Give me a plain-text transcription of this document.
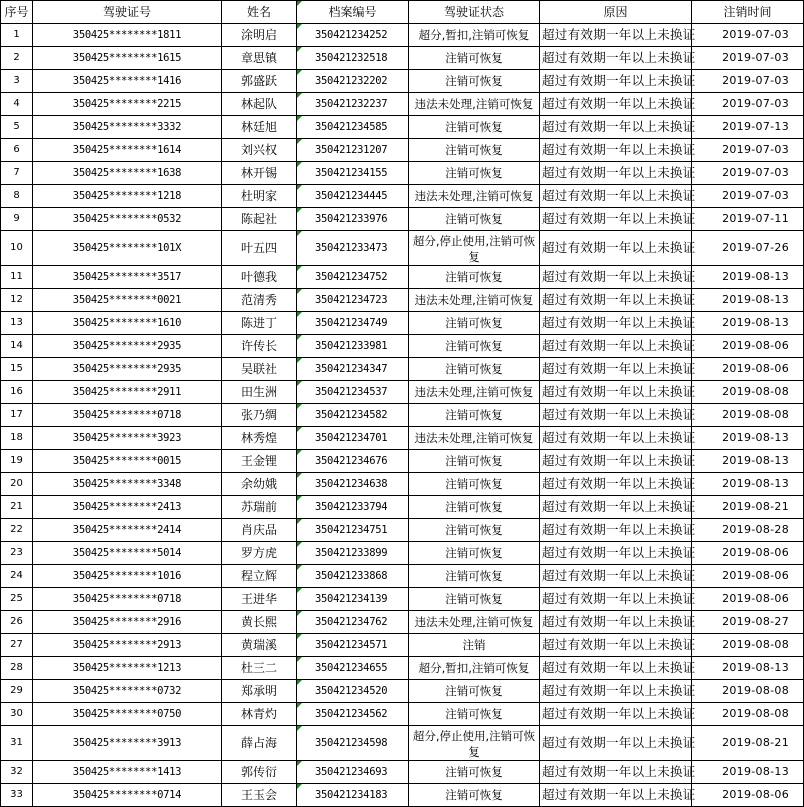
序号	驾驶证号	姓名	档案编号	驾驶证状态	原因	注销时间
1	350425********1811	涂明启	350421234252	超分,暂扣,注销可恢复	超过有效期一年以上未换证	2019-07-03
2	350425********1615	章思镇	350421232518	注销可恢复	超过有效期一年以上未换证	2019-07-03
3	350425********1416	郭盛跃	350421232202	注销可恢复	超过有效期一年以上未换证	2019-07-03
4	350425********2215	林起队	350421232237	违法未处理,注销可恢复	超过有效期一年以上未换证	2019-07-03
5	350425********3332	林廷旭	350421234585	注销可恢复	超过有效期一年以上未换证	2019-07-13
6	350425********1614	刘兴权	350421231207	注销可恢复	超过有效期一年以上未换证	2019-07-03
7	350425********1638	林开锡	350421234155	注销可恢复	超过有效期一年以上未换证	2019-07-03
8	350425********1218	杜明家	350421234445	违法未处理,注销可恢复	超过有效期一年以上未换证	2019-07-03
9	350425********0532	陈起社	350421233976	注销可恢复	超过有效期一年以上未换证	2019-07-11
10	350425********101X	叶五四	350421233473	超分,停止使用,注销可恢复	超过有效期一年以上未换证	2019-07-26
11	350425********3517	叶德我	350421234752	注销可恢复	超过有效期一年以上未换证	2019-08-13
12	350425********0021	范清秀	350421234723	违法未处理,注销可恢复	超过有效期一年以上未换证	2019-08-13
13	350425********1610	陈进丁	350421234749	注销可恢复	超过有效期一年以上未换证	2019-08-13
14	350425********2935	许传长	350421233981	注销可恢复	超过有效期一年以上未换证	2019-08-06
15	350425********2935	吴联社	350421234347	注销可恢复	超过有效期一年以上未换证	2019-08-06
16	350425********2911	田生洲	350421234537	违法未处理,注销可恢复	超过有效期一年以上未换证	2019-08-08
17	350425********0718	张乃绸	350421234582	注销可恢复	超过有效期一年以上未换证	2019-08-08
18	350425********3923	林秀煌	350421234701	违法未处理,注销可恢复	超过有效期一年以上未换证	2019-08-13
19	350425********0015	王金锂	350421234676	注销可恢复	超过有效期一年以上未换证	2019-08-13
20	350425********3348	余幼娥	350421234638	注销可恢复	超过有效期一年以上未换证	2019-08-13
21	350425********2413	苏瑞前	350421233794	注销可恢复	超过有效期一年以上未换证	2019-08-21
22	350425********2414	肖庆品	350421234751	注销可恢复	超过有效期一年以上未换证	2019-08-28
23	350425********5014	罗方虎	350421233899	注销可恢复	超过有效期一年以上未换证	2019-08-06
24	350425********1016	程立辉	350421233868	注销可恢复	超过有效期一年以上未换证	2019-08-06
25	350425********0718	王进华	350421234139	注销可恢复	超过有效期一年以上未换证	2019-08-06
26	350425********2916	黄长熙	350421234762	违法未处理,注销可恢复	超过有效期一年以上未换证	2019-08-27
27	350425********2913	黄瑞溪	350421234571	注销	超过有效期一年以上未换证	2019-08-08
28	350425********1213	杜三二	350421234655	超分,暂扣,注销可恢复	超过有效期一年以上未换证	2019-08-13
29	350425********0732	郑承明	350421234520	注销可恢复	超过有效期一年以上未换证	2019-08-08
30	350425********0750	林青灼	350421234562	注销可恢复	超过有效期一年以上未换证	2019-08-08
31	350425********3913	薛占海	350421234598	超分,停止使用,注销可恢复	超过有效期一年以上未换证	2019-08-21
32	350425********1413	郭传衍	350421234693	注销可恢复	超过有效期一年以上未换证	2019-08-13
33	350425********0714	王玉会	350421234183	注销可恢复	超过有效期一年以上未换证	2019-08-06
